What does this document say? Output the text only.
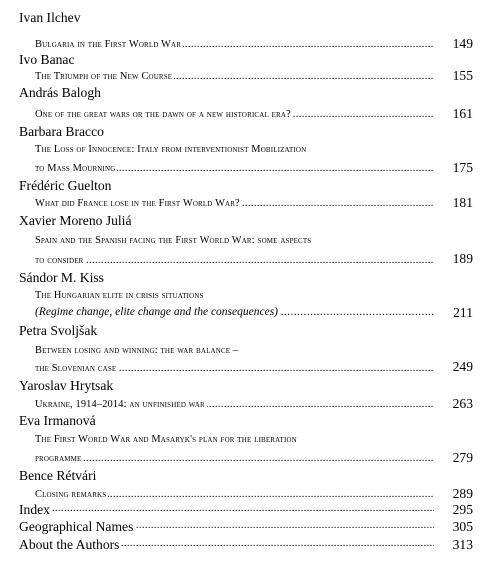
Ivan Ilchev
Bulgaria in the First World War .....	149
Ivo Banac
The Triumph of the New Course .....	155
András Balogh
One of the great wars or the dawn of a new historical era? .....	161
Barbara Bracco
The Loss of Innocence: Italy from interventionist Mobilization
to Mass Mourning .....	175
Frédéric Guelton
What did France lose in the First World War? .....	181
Xavier Moreno Juliá
Spain and the Spanish facing the First World War: some aspects
to consider .....	189
Sándor M. Kiss
The Hungarian elite in crisis situations
(Regime change, elite change and the consequences) .....	211
Petra Svoljšak
Between losing and winning: the war balance –
the Slovenian case .....	249
Yaroslav Hrytsak
Ukraine, 1914–2014: an unfinished war .....	263
Eva Irmanová
The First World War and Masaryk's plan for the liberation
programme .....	279
Bence Rétvári
Closing remarks .....	289
Index .....	295
Geographical Names .....	305
About the Authors .....	313
